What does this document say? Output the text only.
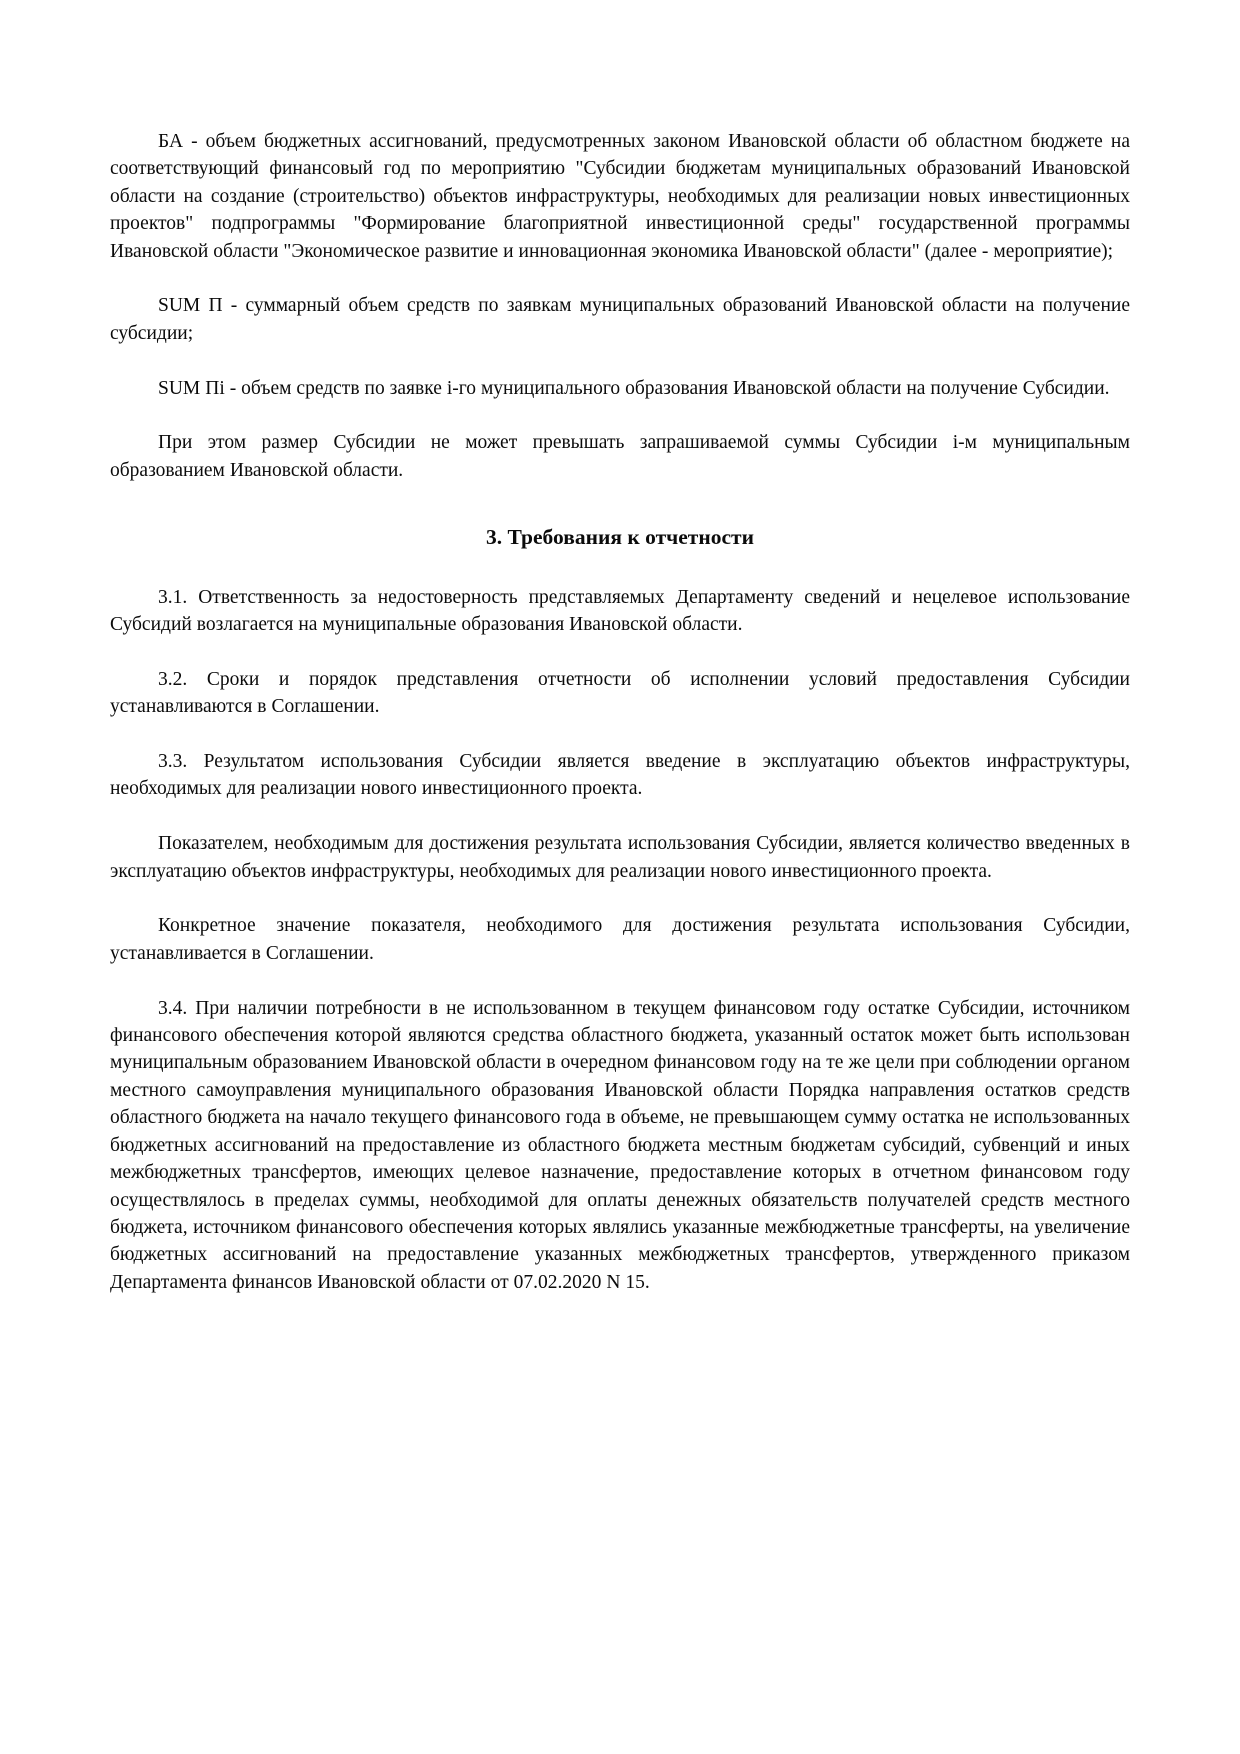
БА - объем бюджетных ассигнований, предусмотренных законом Ивановской области об областном бюджете на соответствующий финансовый год по мероприятию "Субсидии бюджетам муниципальных образований Ивановской области на создание (строительство) объектов инфраструктуры, необходимых для реализации новых инвестиционных проектов" подпрограммы "Формирование благоприятной инвестиционной среды" государственной программы Ивановской области "Экономическое развитие и инновационная экономика Ивановской области" (далее - мероприятие);

SUM П - суммарный объем средств по заявкам муниципальных образований Ивановской области на получение субсидии;

SUM Пi - объем средств по заявке i-го муниципального образования Ивановской области на получение Субсидии.

При этом размер Субсидии не может превышать запрашиваемой суммы Субсидии i-м муниципальным образованием Ивановской области.

3. Требования к отчетности

3.1. Ответственность за недостоверность представляемых Департаменту сведений и нецелевое использование Субсидий возлагается на муниципальные образования Ивановской области.

3.2. Сроки и порядок представления отчетности об исполнении условий предоставления Субсидии устанавливаются в Соглашении.

3.3. Результатом использования Субсидии является введение в эксплуатацию объектов инфраструктуры, необходимых для реализации нового инвестиционного проекта.

Показателем, необходимым для достижения результата использования Субсидии, является количество введенных в эксплуатацию объектов инфраструктуры, необходимых для реализации нового инвестиционного проекта.

Конкретное значение показателя, необходимого для достижения результата использования Субсидии, устанавливается в Соглашении.

3.4. При наличии потребности в не использованном в текущем финансовом году остатке Субсидии, источником финансового обеспечения которой являются средства областного бюджета, указанный остаток может быть использован муниципальным образованием Ивановской области в очередном финансовом году на те же цели при соблюдении органом местного самоуправления муниципального образования Ивановской области Порядка направления остатков средств областного бюджета на начало текущего финансового года в объеме, не превышающем сумму остатка не использованных бюджетных ассигнований на предоставление из областного бюджета местным бюджетам субсидий, субвенций и иных межбюджетных трансфертов, имеющих целевое назначение, предоставление которых в отчетном финансовом году осуществлялось в пределах суммы, необходимой для оплаты денежных обязательств получателей средств местного бюджета, источником финансового обеспечения которых являлись указанные межбюджетные трансферты, на увеличение бюджетных ассигнований на предоставление указанных межбюджетных трансфертов, утвержденного приказом Департамента финансов Ивановской области от 07.02.2020 N 15.
